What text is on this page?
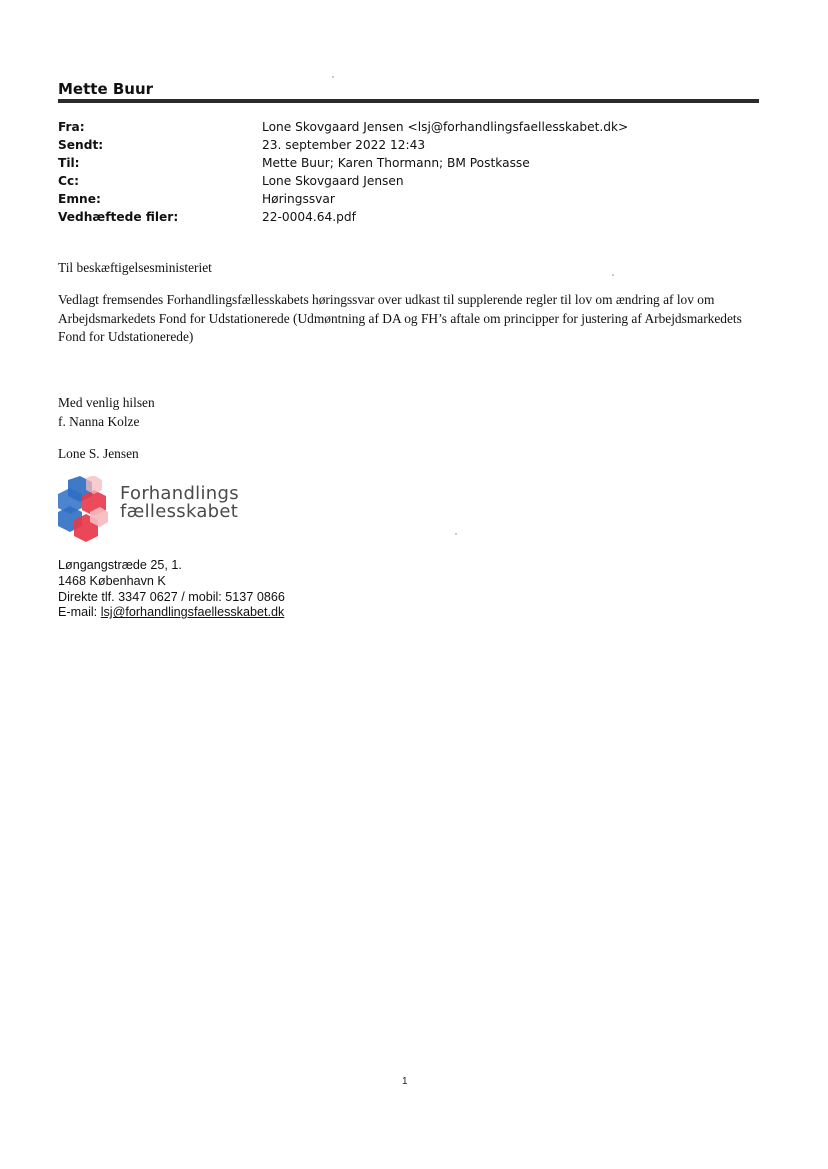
Mette Buur
Fra:	Lone Skovgaard Jensen <lsj@forhandlingsfaellesskabet.dk>
Sendt:	23. september 2022 12:43
Til:	Mette Buur; Karen Thormann; BM Postkasse
Cc:	Lone Skovgaard Jensen
Emne:	Høringssvar
Vedhæftede filer:	22-0004.64.pdf
Til beskæftigelsesministeriet
Vedlagt fremsendes Forhandlingsfællesskabets høringssvar over udkast til supplerende regler til lov om ændring af lov om Arbejdsmarkedets Fond for Udstationerede (Udmøntning af DA og FH’s aftale om principper for justering af Arbejdsmarkedets Fond for Udstationerede)
Med venlig hilsen
f. Nanna Kolze
Lone S. Jensen
Forhandlings
fællesskabet
Løngangstræde 25, 1.
1468 København K
Direkte tlf. 3347 0627 / mobil: 5137 0866
E-mail: lsj@forhandlingsfaellesskabet.dk
1
